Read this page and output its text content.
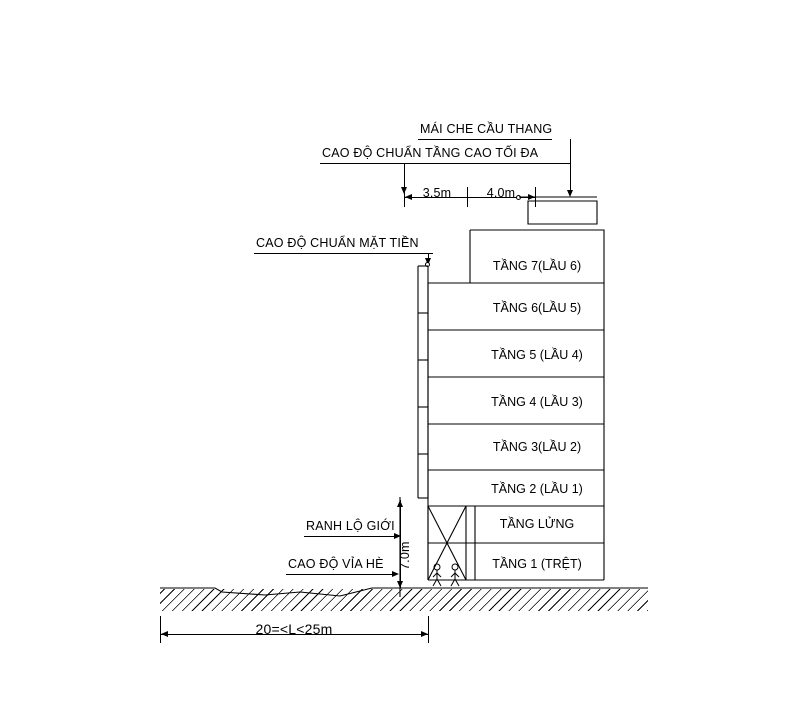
MÁI CHE CẦU THANG
CAO ĐỘ CHUẨN TẦNG CAO TỐI ĐA
3.5m	4.0m
CAO ĐỘ CHUẨN MẶT TIỀN
TẦNG 7(LẦU 6)
TẦNG 6(LẦU 5)
TẦNG 5 (LẦU 4)
TẦNG 4 (LẦU 3)
TẦNG 3(LẦU 2)
TẦNG 2 (LẦU 1)
TẦNG LỬNG
TẦNG 1 (TRỆT)
RANH LỘ GIỚI
CAO ĐỘ VỈA HÈ 7.0m
20=<L<25m
